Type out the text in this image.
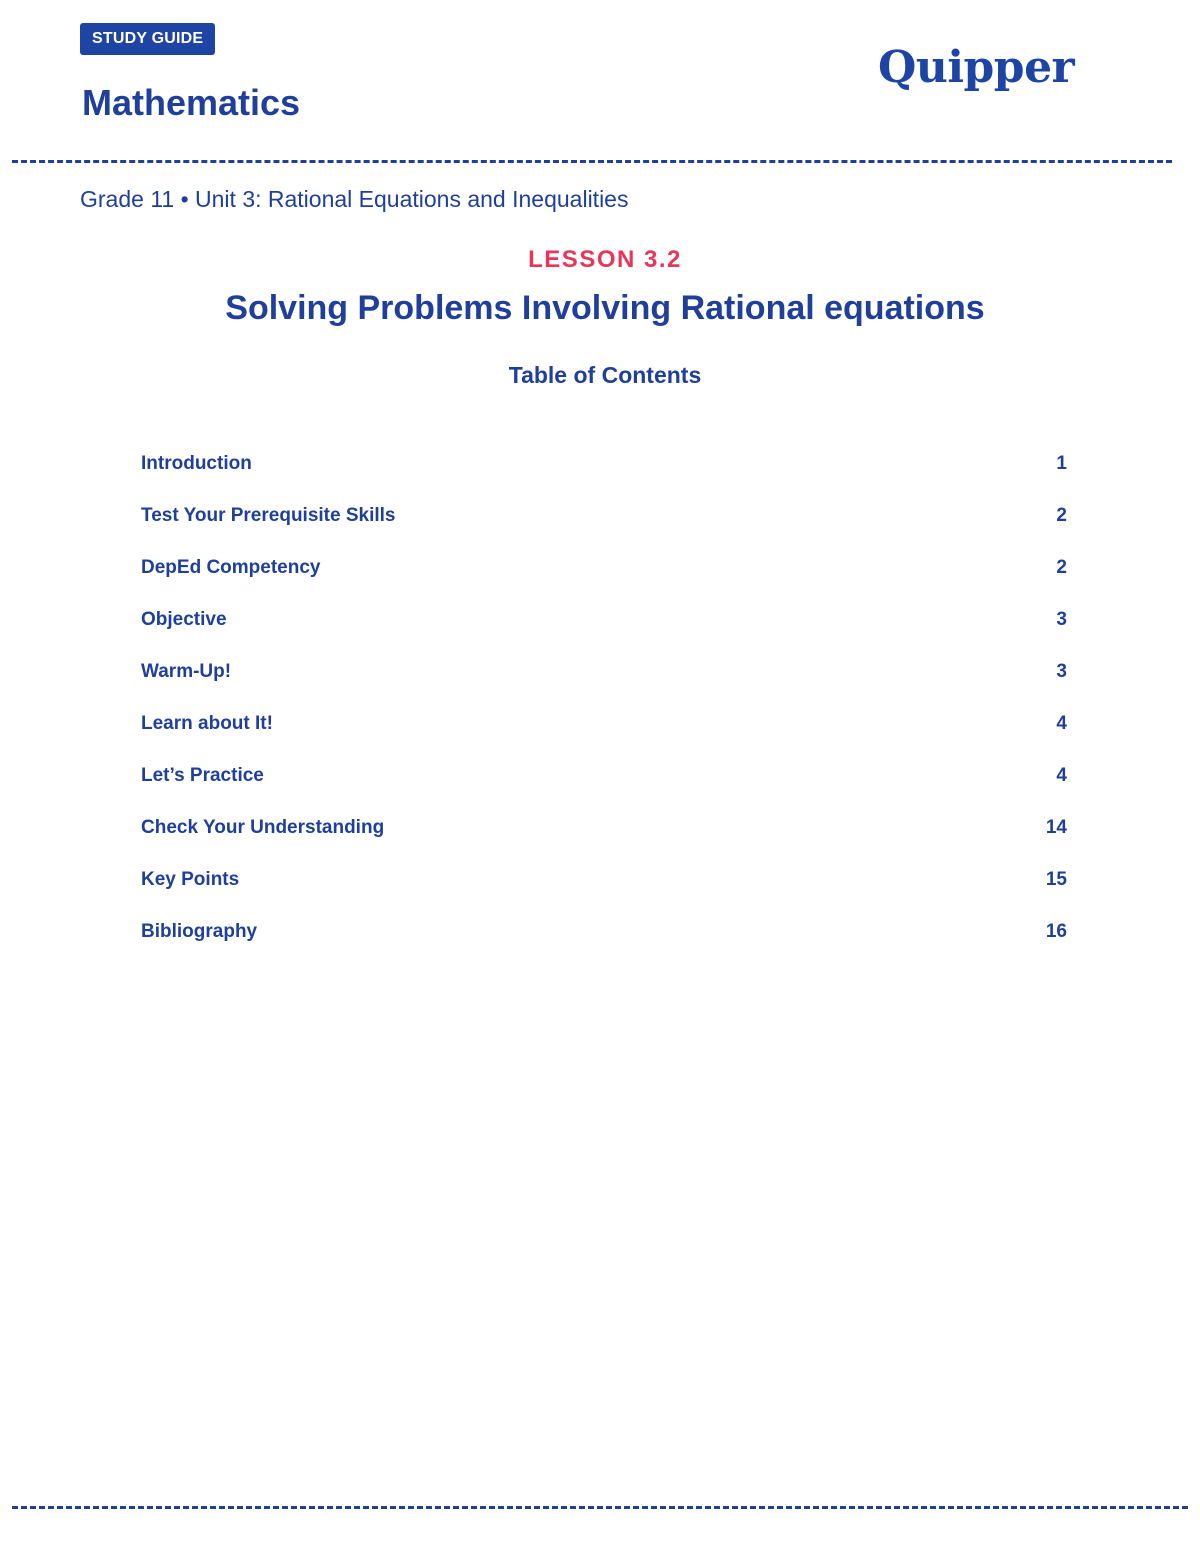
STUDY GUIDE
Mathematics
Quipper
Grade 11 • Unit 3: Rational Equations and Inequalities
LESSON 3.2
Solving Problems Involving Rational equations
Table of Contents
Introduction	1
Test Your Prerequisite Skills	2
DepEd Competency	2
Objective	3
Warm-Up!	3
Learn about It!	4
Let’s Practice	4
Check Your Understanding	14
Key Points	15
Bibliography	16
